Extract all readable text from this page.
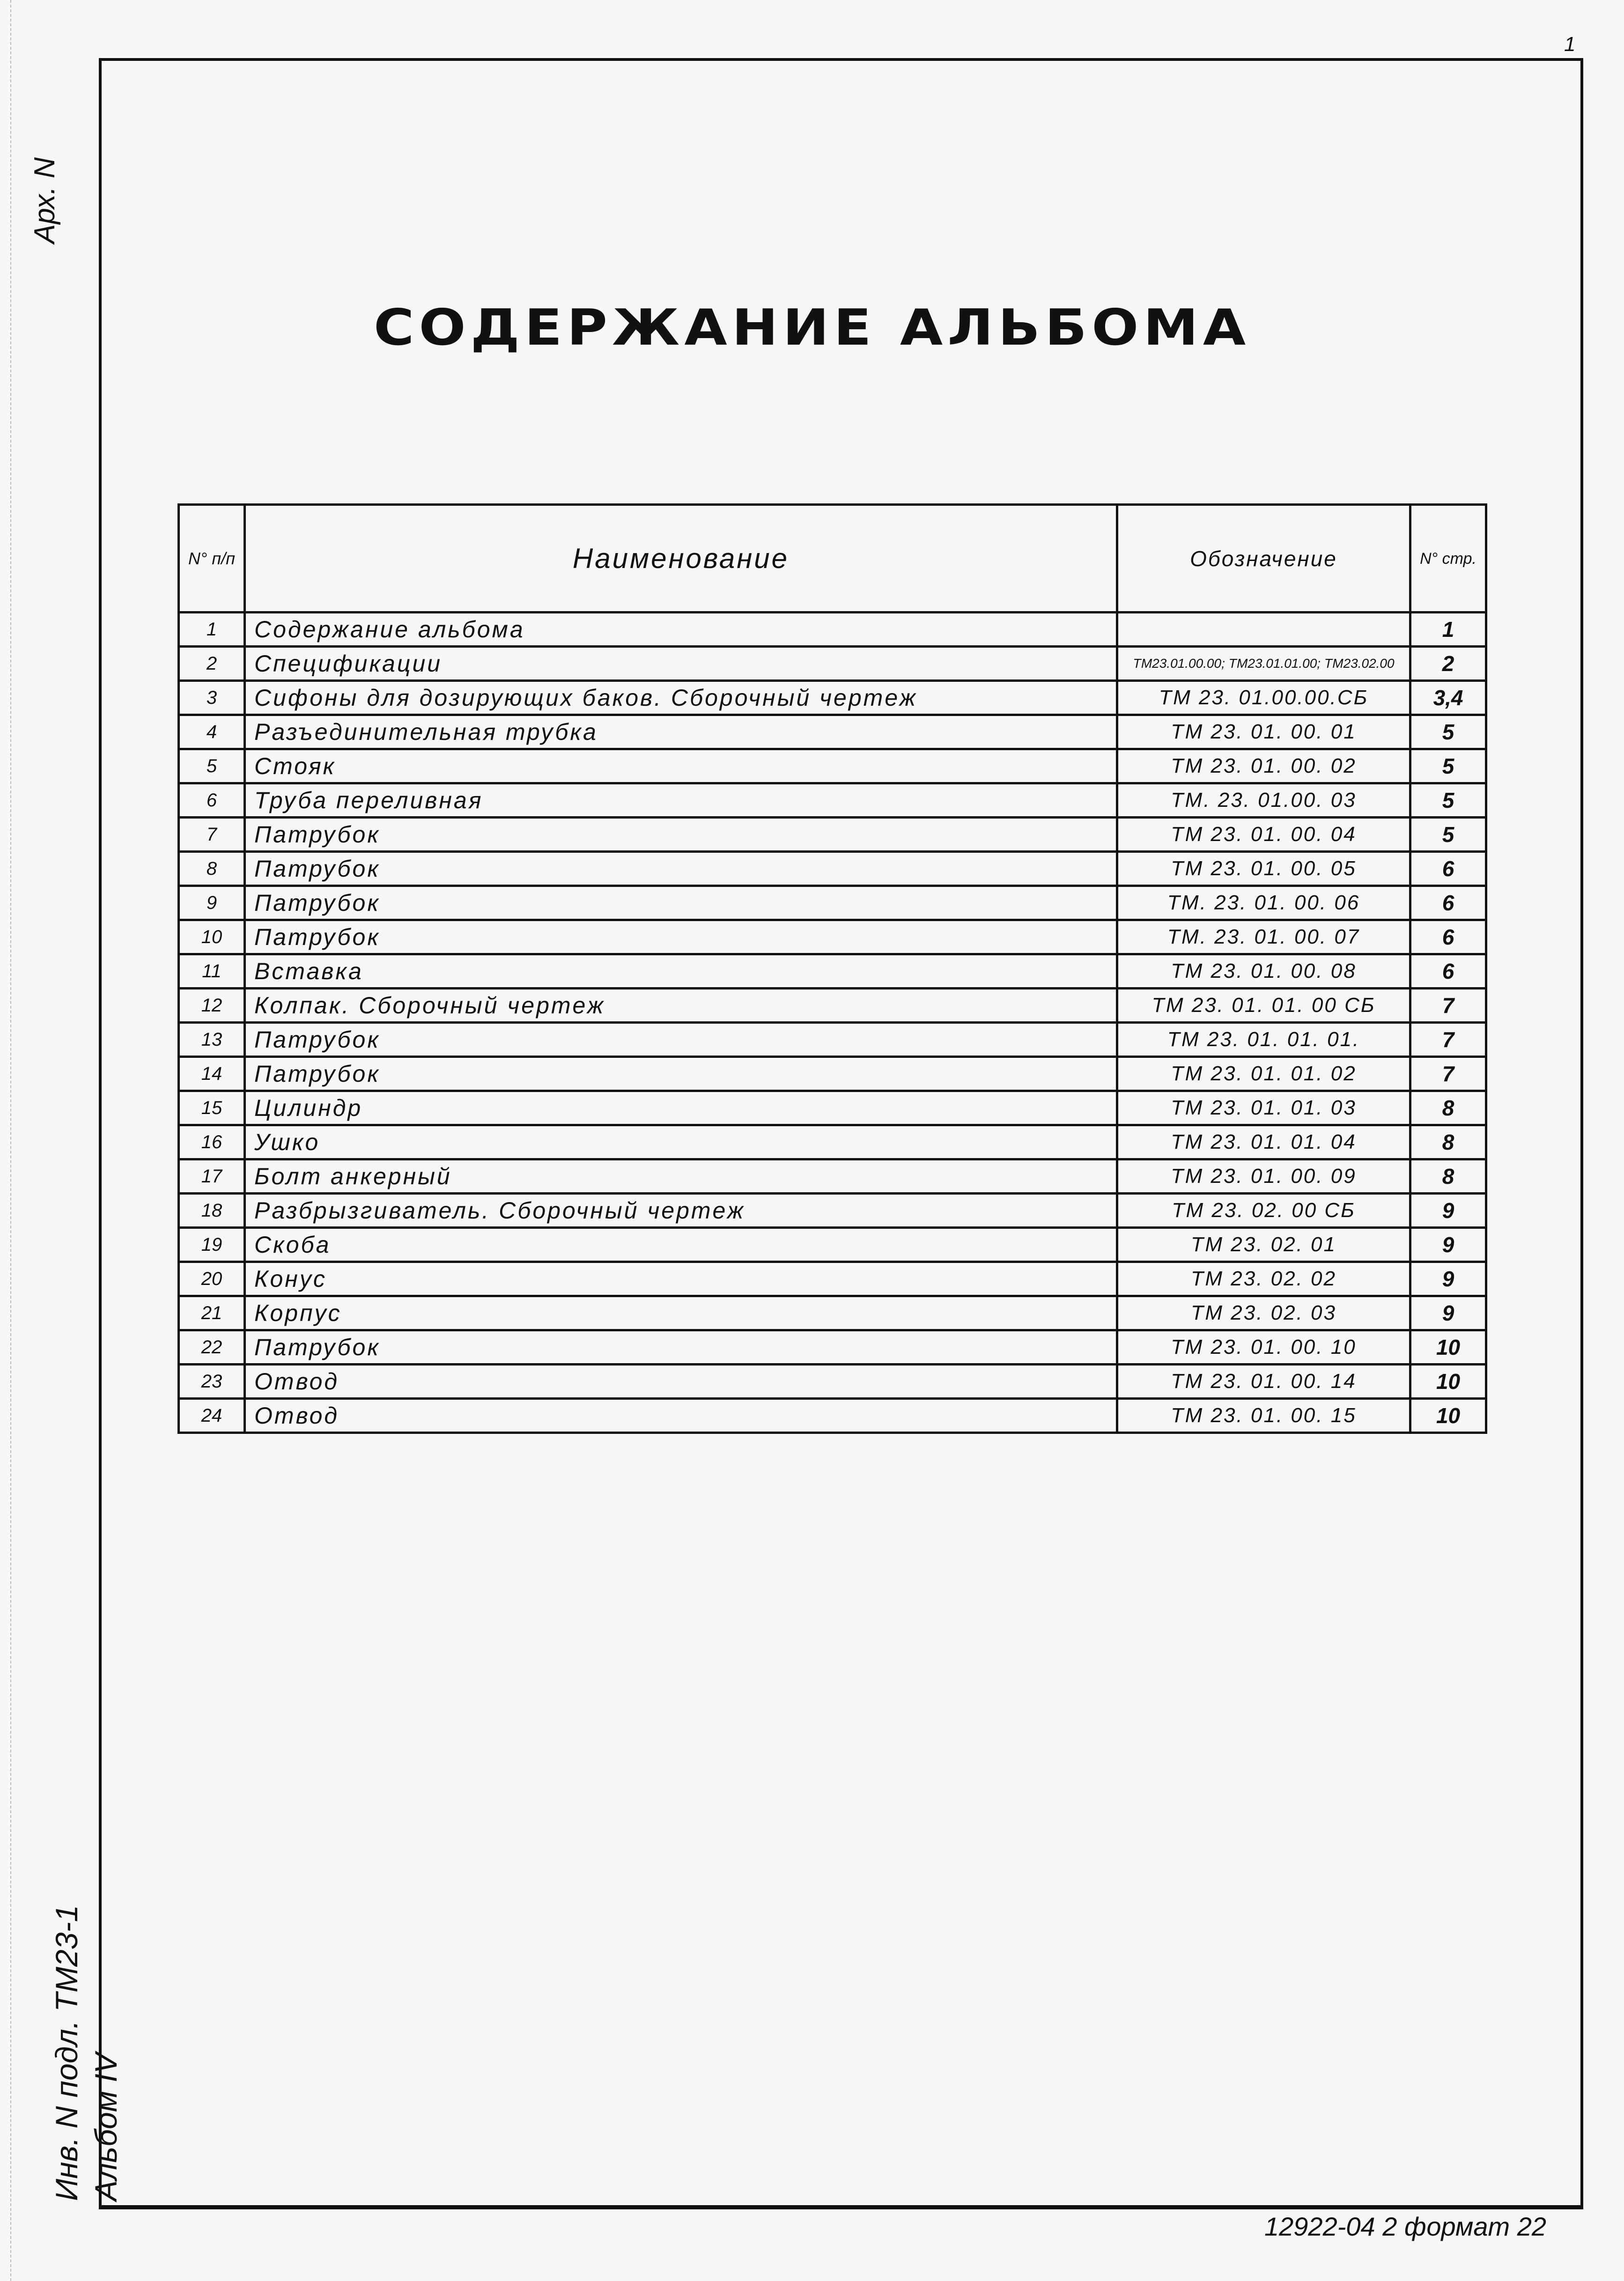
1
Арх. N
Инв. N подл. ТМ23-1 Альбом IV
СОДЕРЖАНИЕ АЛЬБОМА
N° п/п	Наименование	Обозначение	N° стр.
1	Содержание альбома		1
2	Спецификации	ТМ23.01.00.00; ТМ23.01.01.00; ТМ23.02.00	2
3	Сифоны для дозирующих баков. Сборочный чертеж	ТМ 23. 01.00.00.СБ	3,4
4	Разъединительная трубка	ТМ 23. 01. 00. 01	5
5	Стояк	ТМ 23. 01. 00. 02	5
6	Труба переливная	ТМ. 23. 01.00. 03	5
7	Патрубок	ТМ 23. 01. 00. 04	5
8	Патрубок	ТМ 23. 01. 00. 05	6
9	Патрубок	ТМ. 23. 01. 00. 06	6
10	Патрубок	ТМ. 23. 01. 00. 07	6
11	Вставка	ТМ 23. 01. 00. 08	6
12	Колпак. Сборочный чертеж	ТМ 23. 01. 01. 00 СБ	7
13	Патрубок	ТМ 23. 01. 01. 01.	7
14	Патрубок	ТМ 23. 01. 01. 02	7
15	Цилиндр	ТМ 23. 01. 01. 03	8
16	Ушко	ТМ 23. 01. 01. 04	8
17	Болт анкерный	ТМ 23. 01. 00. 09	8
18	Разбрызгиватель. Сборочный чертеж	ТМ 23. 02. 00 СБ	9
19	Скоба	ТМ 23. 02. 01	9
20	Конус	ТМ 23. 02. 02	9
21	Корпус	ТМ 23. 02. 03	9
22	Патрубок	ТМ 23. 01. 00. 10	10
23	Отвод	ТМ 23. 01. 00. 14	10
24	Отвод	ТМ 23. 01. 00. 15	10
12922-04 2 формат 22
